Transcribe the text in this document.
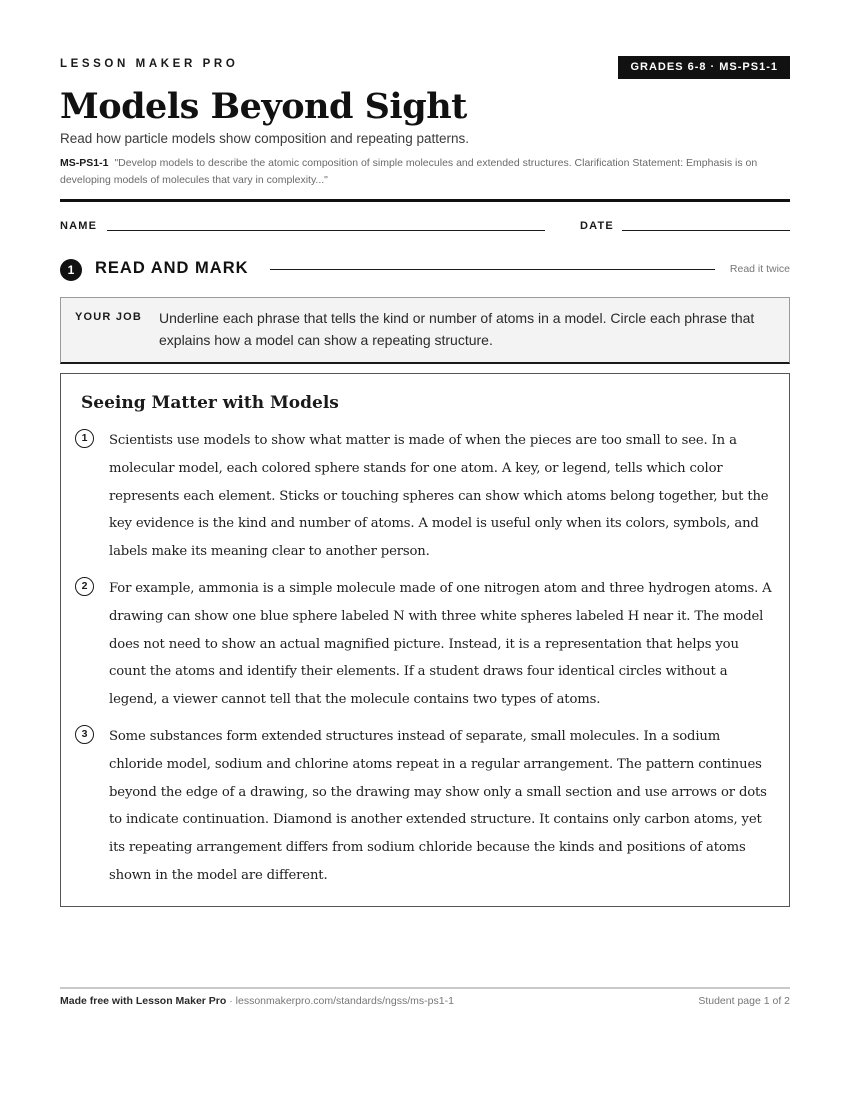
LESSON MAKER PRO	GRADES 6-8 · MS-PS1-1
Models Beyond Sight
Read how particle models show composition and repeating patterns.
MS-PS1-1 "Develop models to describe the atomic composition of simple molecules and extended structures. Clarification Statement: Emphasis is on developing models of molecules that vary in complexity..."
NAME	DATE
1	READ AND MARK	Read it twice
YOUR JOB Underline each phrase that tells the kind or number of atoms in a model. Circle each phrase that explains how a model can show a repeating structure.
Seeing Matter with Models
1	Scientists use models to show what matter is made of when the pieces are too small to see. In a molecular model, each colored sphere stands for one atom. A key, or legend, tells which color represents each element. Sticks or touching spheres can show which atoms belong together, but the key evidence is the kind and number of atoms. A model is useful only when its colors, symbols, and labels make its meaning clear to another person.

2	For example, ammonia is a simple molecule made of one nitrogen atom and three hydrogen atoms. A drawing can show one blue sphere labeled N with three white spheres labeled H near it. The model does not need to show an actual magnified picture. Instead, it is a representation that helps you count the atoms and identify their elements. If a student draws four identical circles without a legend, a viewer cannot tell that the molecule contains two types of atoms.

3	Some substances form extended structures instead of separate, small molecules. In a sodium chloride model, sodium and chlorine atoms repeat in a regular arrangement. The pattern continues beyond the edge of a drawing, so the drawing may show only a small section and use arrows or dots to indicate continuation. Diamond is another extended structure. It contains only carbon atoms, yet its repeating arrangement differs from sodium chloride because the kinds and positions of atoms shown in the model are different.

Made free with Lesson Maker Pro · lessonmakerpro.com/standards/ngss/ms-ps1-1	Student page 1 of 2
